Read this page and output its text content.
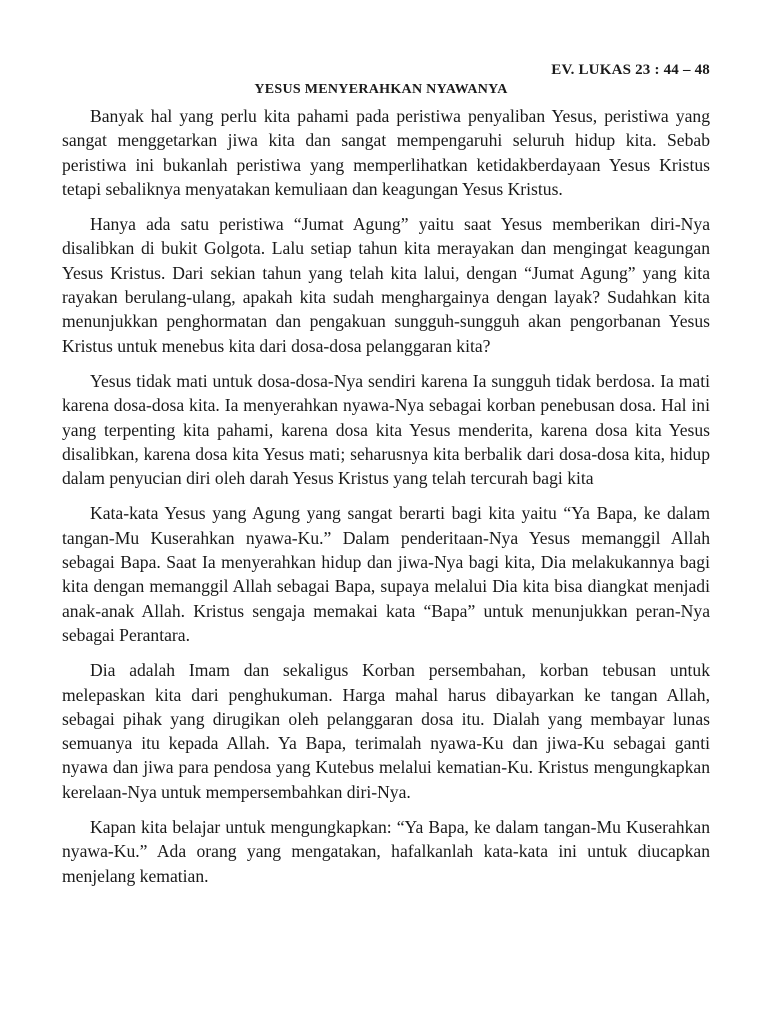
EV. LUKAS 23 : 44 – 48
YESUS MENYERAHKAN NYAWANYA

Banyak hal yang perlu kita pahami pada peristiwa penyaliban Yesus, peristiwa yang sangat menggetarkan jiwa kita dan sangat mempengaruhi seluruh hidup kita. Sebab peristiwa ini bukanlah peristiwa yang memperlihatkan ketidakberdayaan Yesus Kristus tetapi sebaliknya menyatakan kemuliaan dan keagungan Yesus Kristus.

Hanya ada satu peristiwa “Jumat Agung” yaitu saat Yesus memberikan diri-Nya disalibkan di bukit Golgota. Lalu setiap tahun kita merayakan dan mengingat keagungan Yesus Kristus. Dari sekian tahun yang telah kita lalui, dengan “Jumat Agung” yang kita rayakan berulang-ulang, apakah kita sudah menghargainya dengan layak? Sudahkan kita menunjukkan penghormatan dan pengakuan sungguh-sungguh akan pengorbanan Yesus Kristus untuk menebus kita dari dosa-dosa pelanggaran kita?

Yesus tidak mati untuk dosa-dosa-Nya sendiri karena Ia sungguh tidak berdosa. Ia mati karena dosa-dosa kita. Ia menyerahkan nyawa-Nya sebagai korban penebusan dosa. Hal ini yang terpenting kita pahami, karena dosa kita Yesus menderita, karena dosa kita Yesus disalibkan, karena dosa kita Yesus mati; seharusnya kita berbalik dari dosa-dosa kita, hidup dalam penyucian diri oleh darah Yesus Kristus yang telah tercurah bagi kita

Kata-kata Yesus yang Agung yang sangat berarti bagi kita yaitu “Ya Bapa, ke dalam tangan-Mu Kuserahkan nyawa-Ku.” Dalam penderitaan-Nya Yesus memanggil Allah sebagai Bapa. Saat Ia menyerahkan hidup dan jiwa-Nya bagi kita, Dia melakukannya bagi kita dengan memanggil Allah sebagai Bapa, supaya melalui Dia kita bisa diangkat menjadi anak-anak Allah. Kristus sengaja memakai kata “Bapa” untuk menunjukkan peran-Nya sebagai Perantara.

Dia adalah Imam dan sekaligus Korban persembahan, korban tebusan untuk melepaskan kita dari penghukuman. Harga mahal harus dibayarkan ke tangan Allah, sebagai pihak yang dirugikan oleh pelanggaran dosa itu. Dialah yang membayar lunas semuanya itu kepada Allah. Ya Bapa, terimalah nyawa-Ku dan jiwa-Ku sebagai ganti nyawa dan jiwa para pendosa yang Kutebus melalui kematian-Ku. Kristus mengungkapkan kerelaan-Nya untuk mempersembahkan diri-Nya.

Kapan kita belajar untuk mengungkapkan: “Ya Bapa, ke dalam tangan-Mu Kuserahkan nyawa-Ku.” Ada orang yang mengatakan, hafalkanlah kata-kata ini untuk diucapkan menjelang kematian.
